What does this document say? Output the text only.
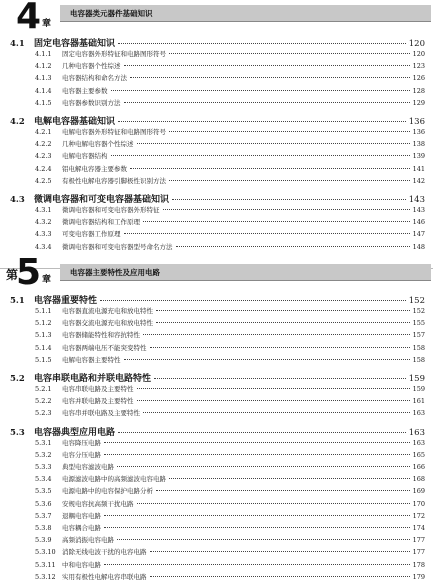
4 章
电容器类元器件基础知识
4.1	固定电容器基础知识	120
4.1.1	固定电容器外形特征和电路图形符号	120
4.1.2	几种电容器个性综述	123
4.1.3	电容器结构和命名方法	126
4.1.4	电容器主要参数	128
4.1.5	电容器参数识别方法	129
4.2	电解电容器基础知识	136
4.2.1	电解电容器外形特征和电路图形符号	136
4.2.2	几种电解电容器个性综述	138
4.2.3	电解电容器结构	139
4.2.4	铝电解电容器主要参数	141
4.2.5	有极性电解电容器引脚极性识别方法	142
4.3	微调电容器和可变电容器基础知识	143
4.3.1	微调电容器和可变电容器外形特征	143
4.3.2	微调电容器结构和工作原理	146
4.3.3	可变电容器工作原理	147
4.3.4	微调电容器和可变电容器型号命名方法	148
第
5 章
电容器主要特性及应用电路
5.1	电容器重要特性	152
5.1.1	电容器直流电源充电和放电特性	152
5.1.2	电容器交流电源充电和放电特性	155
5.1.3	电容器储能特性和容抗特性	157
5.1.4	电容器两端电压不能突变特性	158
5.1.5	电解电容器主要特性	158
5.2	电容串联电路和并联电路特性	159
5.2.1	电容串联电路及主要特性	159
5.2.2	电容并联电路及主要特性	161
5.2.3	电容串并联电路及主要特性	163
5.3	电容器典型应用电路	163
5.3.1	电容降压电路	163
5.3.2	电容分压电路	165
5.3.3	典型电容滤波电路	166
5.3.4	电源滤波电路中的高频滤波电容电路	168
5.3.5	电源电路中的电容保护电路分析	169
5.3.6	安规电容抗高频干扰电路	170
5.3.7	退耦电容电路	172
5.3.8	电容耦合电路	174
5.3.9	高频消振电容电路	177
5.3.10 消除无线电波干扰的电容电路	177
5.3.11 中和电容电路	178
5.3.12 实用有极性电解电容串联电路	179
